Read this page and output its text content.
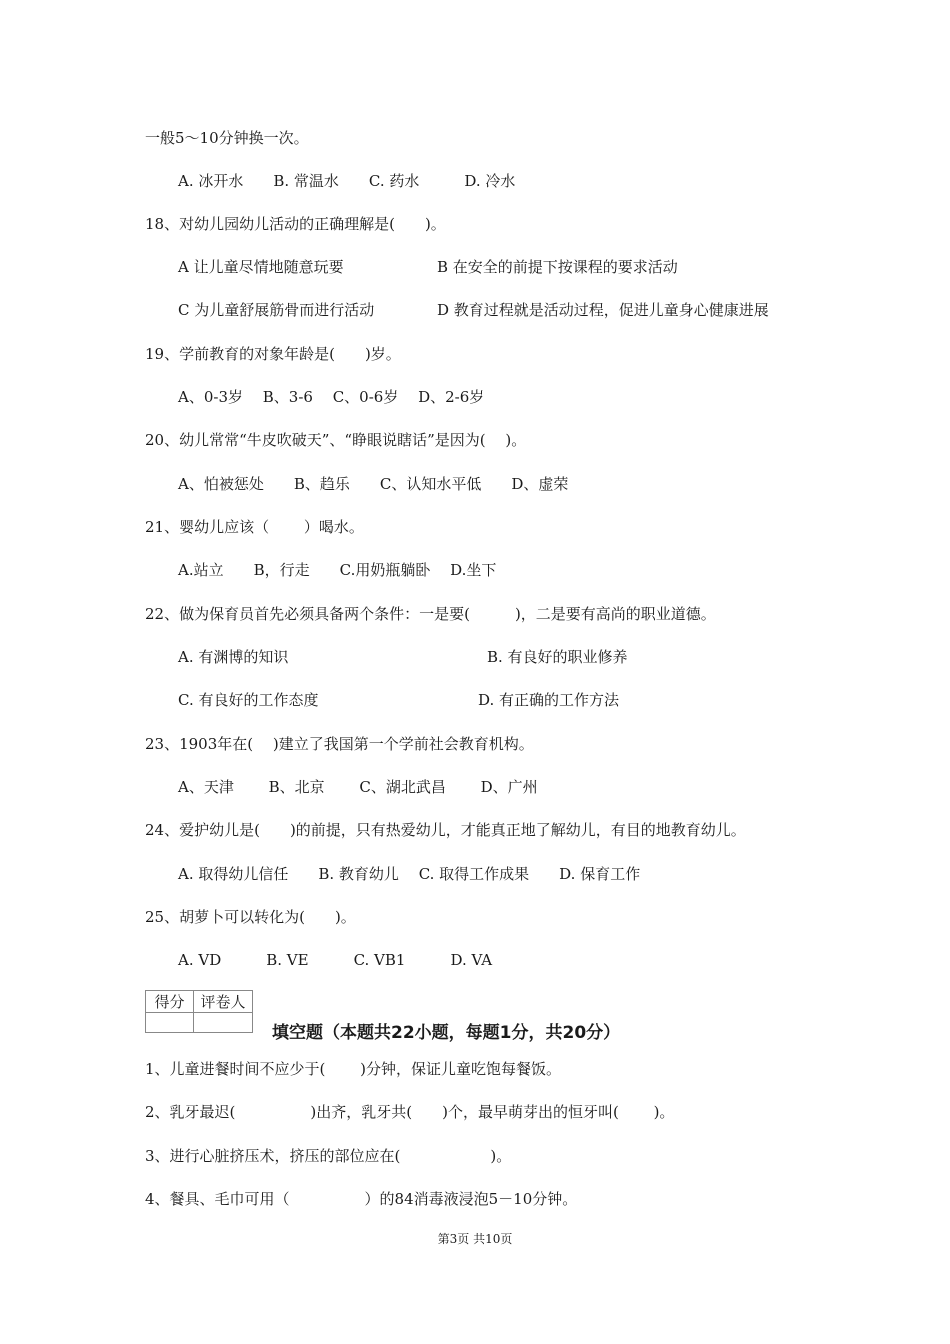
一般5～10分钟换一次。
A. 冰开水　　B. 常温水　　C. 药水　　　D. 冷水
18、对幼儿园幼儿活动的正确理解是(　　)。
A 让儿童尽情地随意玩要	B 在安全的前提下按课程的要求活动
C 为儿童舒展筋骨而进行活动	D 教育过程就是活动过程，促进儿童身心健康进展
19、学前教育的对象年龄是(　　)岁。
A、0-3岁　 B、3-6　 C、0-6岁　 D、2-6岁
20、幼儿常常“牛皮吹破天”、“睁眼说瞎话”是因为(　 )。
A、怕被惩处　　B、趋乐　　C、认知水平低　　D、虚荣
21、婴幼儿应该（　　 ）喝水。
A.站立　　B，行走　　C.用奶瓶躺卧　 D.坐下
22、做为保育员首先必须具备两个条件：一是要(　　　)，二是要有高尚的职业道德。
A. 有渊博的知识	B. 有良好的职业修养
C. 有良好的工作态度	D. 有正确的工作方法
23、1903年在(　 )建立了我国第一个学前社会教育机构。
A、天津　　 B、北京　　 C、湖北武昌　　 D、广州
24、爱护幼儿是(　　)的前提，只有热爱幼儿，才能真正地了解幼儿，有目的地教育幼儿。
A. 取得幼儿信任　　B. 教育幼儿　 C. 取得工作成果　　D. 保育工作
25、胡萝卜可以转化为(　　)。
A. VD　　　B. VE　　　C. VB1　　　D. VA
得分	评卷人

填空题（本题共22小题，每题1分，共20分）
1、儿童进餐时间不应少于(　　 )分钟，保证儿童吃饱每餐饭。
2、乳牙最迟(　　　　　)出齐，乳牙共(　　)个，最早萌芽出的恒牙叫(　　 )。
3、进行心脏挤压术，挤压的部位应在(　　　　　　)。
4、餐具、毛巾可用（　　　　　）的84消毒液浸泡5－10分钟。
第3页 共10页
